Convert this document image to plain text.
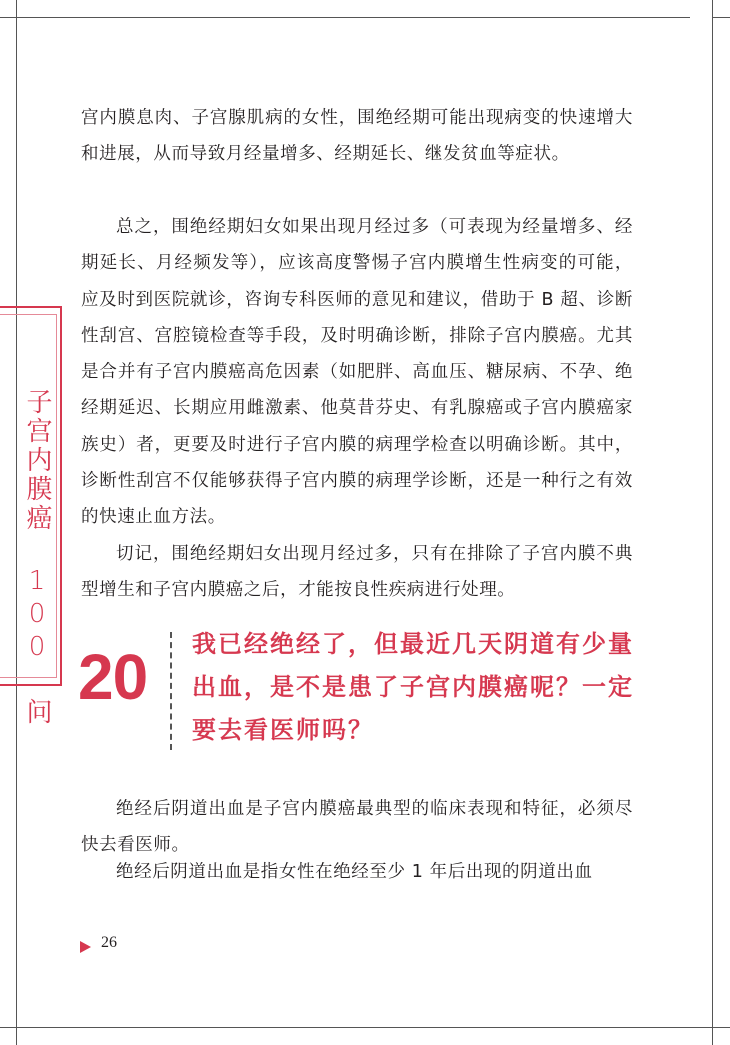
宫内膜息肉、子宫腺肌病的女性，围绝经期可能出现病变的快速增大和进展，从而导致月经量增多、经期延长、继发贫血等症状。

总之，围绝经期妇女如果出现月经过多（可表现为经量增多、经期延长、月经频发等），应该高度警惕子宫内膜增生性病变的可能，应及时到医院就诊，咨询专科医师的意见和建议，借助于 B 超、诊断性刮宫、宫腔镜检查等手段，及时明确诊断，排除子宫内膜癌。尤其是合并有子宫内膜癌高危因素（如肥胖、高血压、糖尿病、不孕、绝经期延迟、长期应用雌激素、他莫昔芬史、有乳腺癌或子宫内膜癌家族史）者，更要及时进行子宫内膜的病理学检查以明确诊断。其中，诊断性刮宫不仅能够获得子宫内膜的病理学诊断，还是一种行之有效的快速止血方法。

切记，围绝经期妇女出现月经过多，只有在排除了子宫内膜不典型增生和子宫内膜癌之后，才能按良性疾病进行处理。

子宫内膜癌 100 问 20 我已经绝经了，但最近几天阴道有少量出血，是不是患了子宫内膜癌呢？一定要去看医师吗？

绝经后阴道出血是子宫内膜癌最典型的临床表现和特征，必须尽快去看医师。

绝经后阴道出血是指女性在绝经至少 1 年后出现的阴道出血

26
